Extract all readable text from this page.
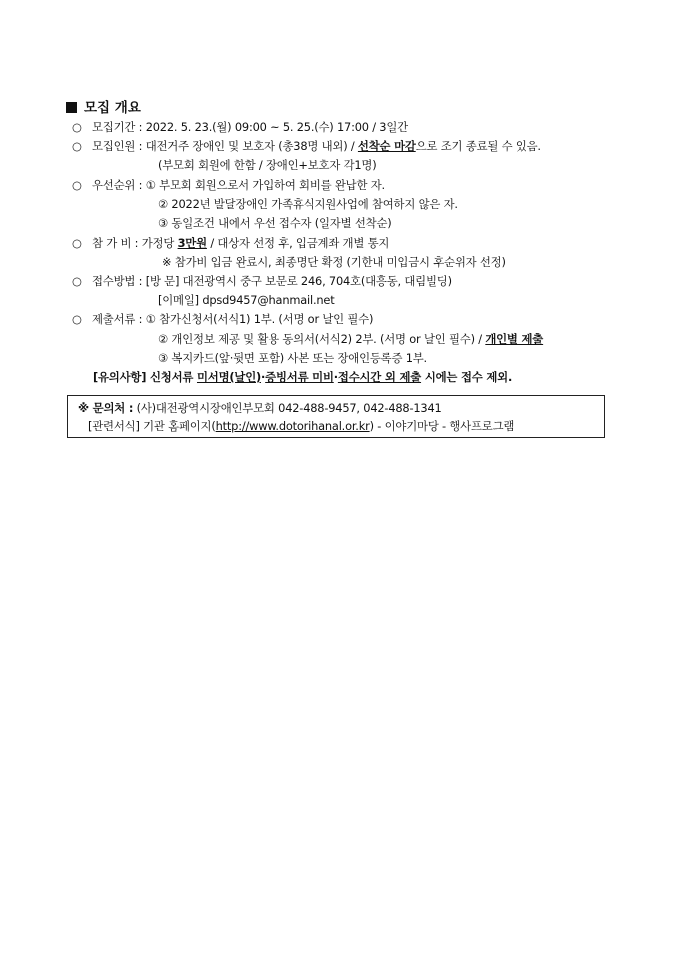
모집 개요
○ 모집기간 : 2022. 5. 23.(월) 09:00 ~ 5. 25.(수) 17:00 / 3일간
○ 모집인원 : 대전거주 장애인 및 보호자 (총38명 내외) / 선착순 마감으로 조기 종료될 수 있음.
(부모회 회원에 한함 / 장애인+보호자 각1명)
○ 우선순위 : ① 부모회 회원으로서 가입하여 회비를 완납한 자.
② 2022년 발달장애인 가족휴식지원사업에 참여하지 않은 자.
③ 동일조건 내에서 우선 접수자 (일자별 선착순)
○ 참 가 비 : 가정당 3만원 / 대상자 선정 후, 입금계좌 개별 통지
※ 참가비 입금 완료시, 최종명단 확정 (기한내 미입금시 후순위자 선정)
○ 접수방법 : [방 문] 대전광역시 중구 보문로 246, 704호(대흥동, 대림빌딩)
[이메일] dpsd9457@hanmail.net
○ 제출서류 : ① 참가신청서(서식1) 1부. (서명 or 날인 필수)
② 개인정보 제공 및 활용 동의서(서식2) 2부. (서명 or 날인 필수) / 개인별 제출
③ 복지카드(앞·뒷면 포함) 사본 또는 장애인등록증 1부.
[유의사항] 신청서류 미서명(날인)·증빙서류 미비·접수시간 외 제출 시에는 접수 제외.
※ 문의처 : (사)대전광역시장애인부모회 042-488-9457, 042-488-1341
[관련서식] 기관 홈페이지(http://www.dotorihanal.or.kr) - 이야기마당 - 행사프로그램
